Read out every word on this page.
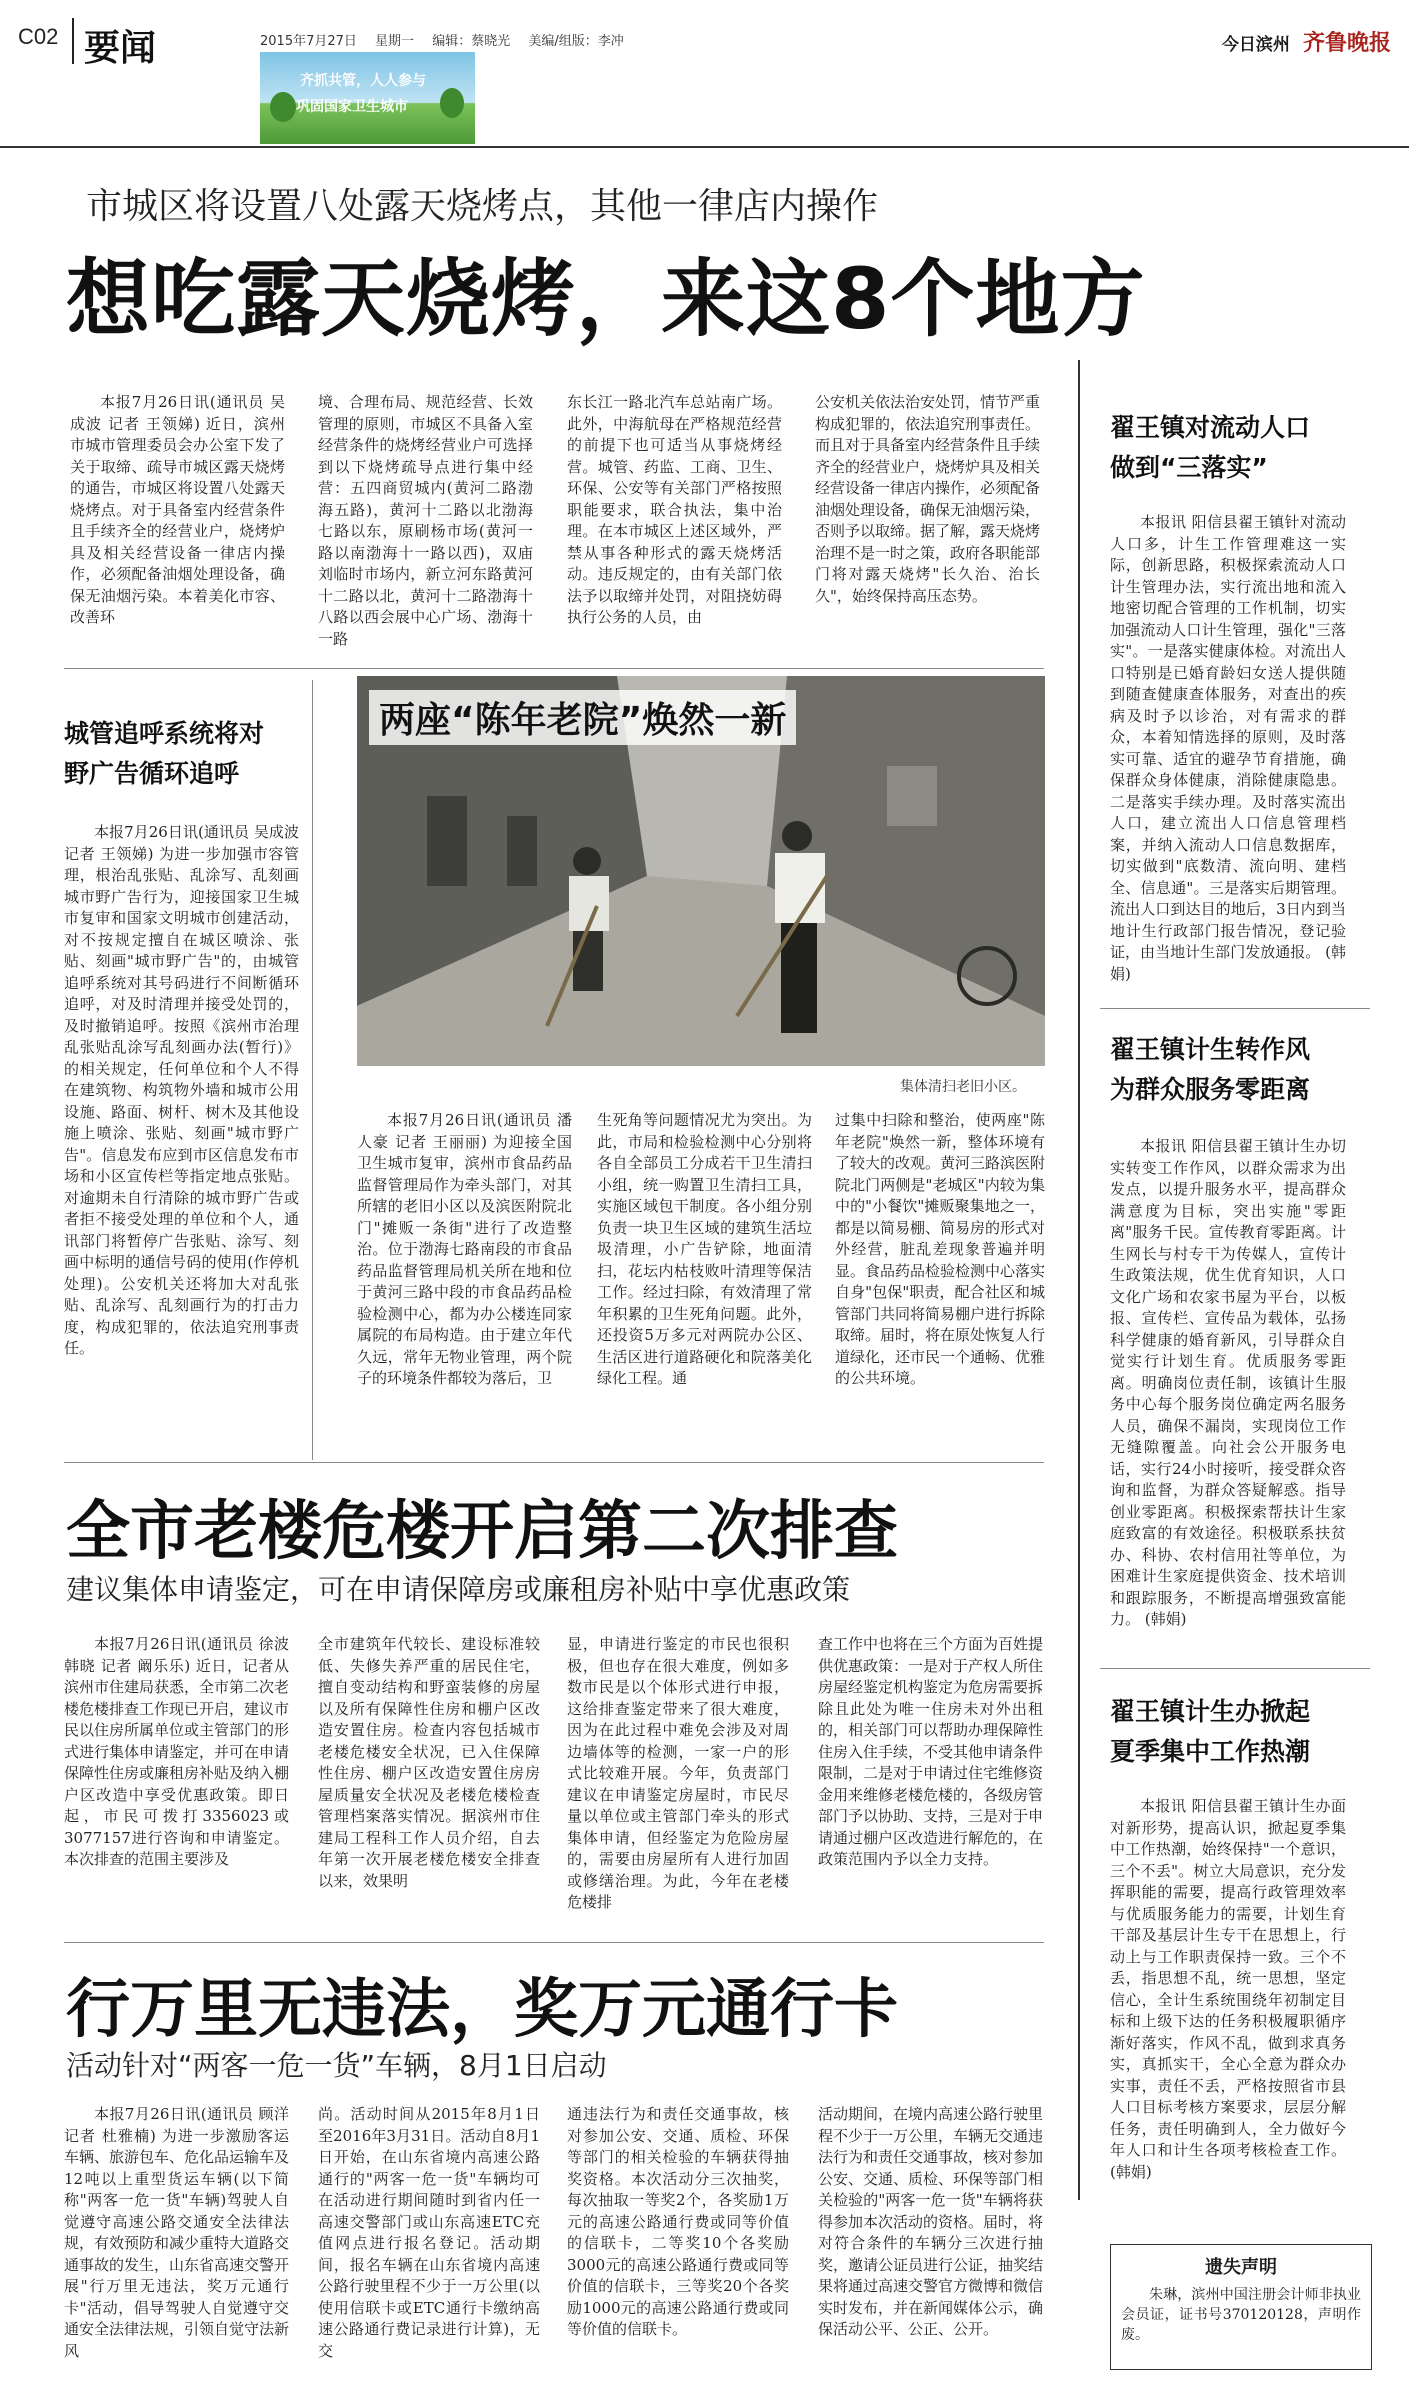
C02 要闻	2015年7月27日 星期一 编辑：蔡晓光 美编/组版：李冲	今日滨州 齐鲁晚报
齐抓共管，人人参与
巩固国家卫生城市
市城区将设置八处露天烧烤点，其他一律店内操作
想吃露天烧烤，来这8个地方
本报7月26日讯(通讯员 吴成波 记者 王领娣) 近日，滨州市城市管理委员会办公室下发了关于取缔、疏导市城区露天烧烤的通告，市城区将设置八处露天烧烤点。对于具备室内经营条件且手续齐全的经营业户，烧烤炉具及相关经营设备一律店内操作，必须配备油烟处理设备，确保无油烟污染。本着美化市容、改善环
境、合理布局、规范经营、长效管理的原则，市城区不具备入室经营条件的烧烤经营业户可选择到以下烧烤疏导点进行集中经营：五四商贸城内(黄河二路渤海五路)，黄河十二路以北渤海七路以东，原刷杨市场(黄河一路以南渤海十一路以西)，双庙刘临时市场内，新立河东路黄河十二路以北，黄河十二路渤海十八路以西会展中心广场、渤海十一路
东长江一路北汽车总站南广场。此外，中海航母在严格规范经营的前提下也可适当从事烧烤经营。城管、药监、工商、卫生、环保、公安等有关部门严格按照职能要求，联合执法，集中治理。在本市城区上述区域外，严禁从事各种形式的露天烧烤活动。违反规定的，由有关部门依法予以取缔并处罚，对阻挠妨碍执行公务的人员，由
公安机关依法治安处罚，情节严重构成犯罪的，依法追究刑事责任。而且对于具备室内经营条件且手续齐全的经营业户，烧烤炉具及相关经营设备一律店内操作，必须配备油烟处理设备，确保无油烟污染，否则予以取缔。据了解，露天烧烤治理不是一时之策，政府各职能部门将对露天烧烤"长久治、治长久"，始终保持高压态势。
城管追呼系统将对
野广告循环追呼
本报7月26日讯(通讯员 吴成波 记者 王领娣) 为进一步加强市容管理，根治乱张贴、乱涂写、乱刻画城市野广告行为，迎接国家卫生城市复审和国家文明城市创建活动，对不按规定擅自在城区喷涂、张贴、刻画"城市野广告"的，由城管追呼系统对其号码进行不间断循环追呼，对及时清理并接受处罚的，及时撤销追呼。按照《滨州市治理乱张贴乱涂写乱刻画办法(暂行)》的相关规定，任何单位和个人不得在建筑物、构筑物外墙和城市公用设施、路面、树杆、树木及其他设施上喷涂、张贴、刻画"城市野广告"。信息发布应到市区信息发布市场和小区宣传栏等指定地点张贴。对逾期未自行清除的城市野广告或者拒不接受处理的单位和个人，通讯部门将暂停广告张贴、涂写、刻画中标明的通信号码的使用(作停机处理)。公安机关还将加大对乱张贴、乱涂写、乱刻画行为的打击力度，构成犯罪的，依法追究刑事责任。
两座“陈年老院”焕然一新
集体清扫老旧小区。
本报7月26日讯(通讯员 潘人豪 记者 王丽丽) 为迎接全国卫生城市复审，滨州市食品药品监督管理局作为牵头部门，对其所辖的老旧小区以及滨医附院北门"摊贩一条街"进行了改造整治。位于渤海七路南段的市食品药品监督管理局机关所在地和位于黄河三路中段的市食品药品检验检测中心，都为办公楼连同家属院的布局构造。由于建立年代久远，常年无物业管理，两个院子的环境条件都较为落后，卫
生死角等问题情况尤为突出。为此，市局和检验检测中心分别将各自全部员工分成若干卫生清扫小组，统一购置卫生清扫工具，实施区域包干制度。各小组分别负责一块卫生区域的建筑生活垃圾清理，小广告铲除，地面清扫，花坛内枯枝败叶清理等保洁工作。经过扫除，有效清理了常年积累的卫生死角问题。此外，还投资5万多元对两院办公区、生活区进行道路硬化和院落美化绿化工程。通
过集中扫除和整治，使两座"陈年老院"焕然一新，整体环境有了较大的改观。黄河三路滨医附院北门两侧是"老城区"内较为集中的"小餐饮"摊贩聚集地之一，都是以简易棚、简易房的形式对外经营，脏乱差现象普遍并明显。食品药品检验检测中心落实自身"包保"职责，配合社区和城管部门共同将简易棚户进行拆除取缔。届时，将在原处恢复人行道绿化，还市民一个通畅、优雅的公共环境。
全市老楼危楼开启第二次排查
建议集体申请鉴定，可在申请保障房或廉租房补贴中享优惠政策
本报7月26日讯(通讯员 徐波 韩晓 记者 阚乐乐) 近日，记者从滨州市住建局获悉，全市第二次老楼危楼排查工作现已开启，建议市民以住房所属单位或主管部门的形式进行集体申请鉴定，并可在申请保障性住房或廉租房补贴及纳入棚户区改造中享受优惠政策。即日起，市民可拨打3356023或3077157进行咨询和申请鉴定。本次排查的范围主要涉及
全市建筑年代较长、建设标准较低、失修失养严重的居民住宅，擅自变动结构和野蛮装修的房屋以及所有保障性住房和棚户区改造安置住房。检查内容包括城市老楼危楼安全状况，已入住保障性住房、棚户区改造安置住房房屋质量安全状况及老楼危楼检查管理档案落实情况。据滨州市住建局工程科工作人员介绍，自去年第一次开展老楼危楼安全排查以来，效果明
显，申请进行鉴定的市民也很积极，但也存在很大难度，例如多数市民是以个体形式进行申报，这给排查鉴定带来了很大难度，因为在此过程中难免会涉及对周边墙体等的检测，一家一户的形式比较难开展。今年，负责部门建议在申请鉴定房屋时，市民尽量以单位或主管部门牵头的形式集体申请，但经鉴定为危险房屋的，需要由房屋所有人进行加固或修缮治理。为此，今年在老楼危楼排
查工作中也将在三个方面为百姓提供优惠政策：一是对于产权人所住房屋经鉴定机构鉴定为危房需要拆除且此处为唯一住房未对外出租的，相关部门可以帮助办理保障性住房入住手续，不受其他申请条件限制，二是对于申请过住宅维修资金用来维修老楼危楼的，各级房管部门予以协助、支持，三是对于申请通过棚户区改造进行解危的，在政策范围内予以全力支持。
行万里无违法，奖万元通行卡
活动针对“两客一危一货”车辆，8月1日启动
本报7月26日讯(通讯员 顾洋 记者 杜雅楠) 为进一步激励客运车辆、旅游包车、危化品运输车及12吨以上重型货运车辆(以下简称"两客一危一货"车辆)驾驶人自觉遵守高速公路交通安全法律法规，有效预防和减少重特大道路交通事故的发生，山东省高速交警开展"行万里无违法，奖万元通行卡"活动，倡导驾驶人自觉遵守交通安全法律法规，引领自觉守法新风
尚。活动时间从2015年8月1日至2016年3月31日。活动自8月1日开始，在山东省境内高速公路通行的"两客一危一货"车辆均可在活动进行期间随时到省内任一高速交警部门或山东高速ETC充值网点进行报名登记。活动期间，报名车辆在山东省境内高速公路行驶里程不少于一万公里(以使用信联卡或ETC通行卡缴纳高速公路通行费记录进行计算)，无交
通违法行为和责任交通事故，核对参加公安、交通、质检、环保等部门的相关检验的车辆获得抽奖资格。本次活动分三次抽奖，每次抽取一等奖2个，各奖励1万元的高速公路通行费或同等价值的信联卡，二等奖10个各奖励3000元的高速公路通行费或同等价值的信联卡，三等奖20个各奖励1000元的高速公路通行费或同等价值的信联卡。
活动期间，在境内高速公路行驶里程不少于一万公里，车辆无交通违法行为和责任交通事故，核对参加公安、交通、质检、环保等部门相关检验的"两客一危一货"车辆将获得参加本次活动的资格。届时，将对符合条件的车辆分三次进行抽奖，邀请公证员进行公证，抽奖结果将通过高速交警官方微博和微信实时发布，并在新闻媒体公示，确保活动公平、公正、公开。
翟王镇对流动人口
做到“三落实”
本报讯 阳信县翟王镇针对流动人口多，计生工作管理难这一实际，创新思路，积极探索流动人口计生管理办法，实行流出地和流入地密切配合管理的工作机制，切实加强流动人口计生管理，强化"三落实"。一是落实健康体检。对流出人口特别是已婚育龄妇女送人提供随到随查健康查体服务，对查出的疾病及时予以诊治，对有需求的群众，本着知情选择的原则，及时落实可靠、适宜的避孕节育措施，确保群众身体健康，消除健康隐患。二是落实手续办理。及时落实流出人口，建立流出人口信息管理档案，并纳入流动人口信息数据库，切实做到"底数清、流向明、建档全、信息通"。三是落实后期管理。流出人口到达目的地后，3日内到当地计生行政部门报告情况，登记验证，由当地计生部门发放通报。 (韩娟)
翟王镇计生转作风
为群众服务零距离
本报讯 阳信县翟王镇计生办切实转变工作作风，以群众需求为出发点，以提升服务水平，提高群众满意度为目标，突出实施"零距离"服务千民。宣传教育零距离。计生网长与村专干为传媒人，宣传计生政策法规，优生优育知识，人口文化广场和农家书屋为平台，以板报、宣传栏、宣传品为载体，弘扬科学健康的婚育新风，引导群众自觉实行计划生育。优质服务零距离。明确岗位责任制，该镇计生服务中心每个服务岗位确定两名服务人员，确保不漏岗，实现岗位工作无缝隙覆盖。向社会公开服务电话，实行24小时接听，接受群众咨询和监督，为群众答疑解惑。指导创业零距离。积极探索帮扶计生家庭致富的有效途径。积极联系扶贫办、科协、农村信用社等单位，为困难计生家庭提供资金、技术培训和跟踪服务，不断提高增强致富能力。 (韩娟)
翟王镇计生办掀起
夏季集中工作热潮
本报讯 阳信县翟王镇计生办面对新形势，提高认识，掀起夏季集中工作热潮，始终保持"一个意识，三个不丢"。树立大局意识，充分发挥职能的需要，提高行政管理效率与优质服务能力的需要，计划生育干部及基层计生专干在思想上，行动上与工作职责保持一致。三个不丢，指思想不乱，统一思想，坚定信心，全计生系统围绕年初制定目标和上级下达的任务积极履职循序渐好落实，作风不乱，做到求真务实，真抓实干，全心全意为群众办实事，责任不丢，严格按照省市县人口目标考核方案要求，层层分解任务，责任明确到人，全力做好今年人口和计生各项考核检查工作。 (韩娟)
遗失声明
朱琳，滨州中国注册会计师非执业会员证，证书号370120128，声明作废。
